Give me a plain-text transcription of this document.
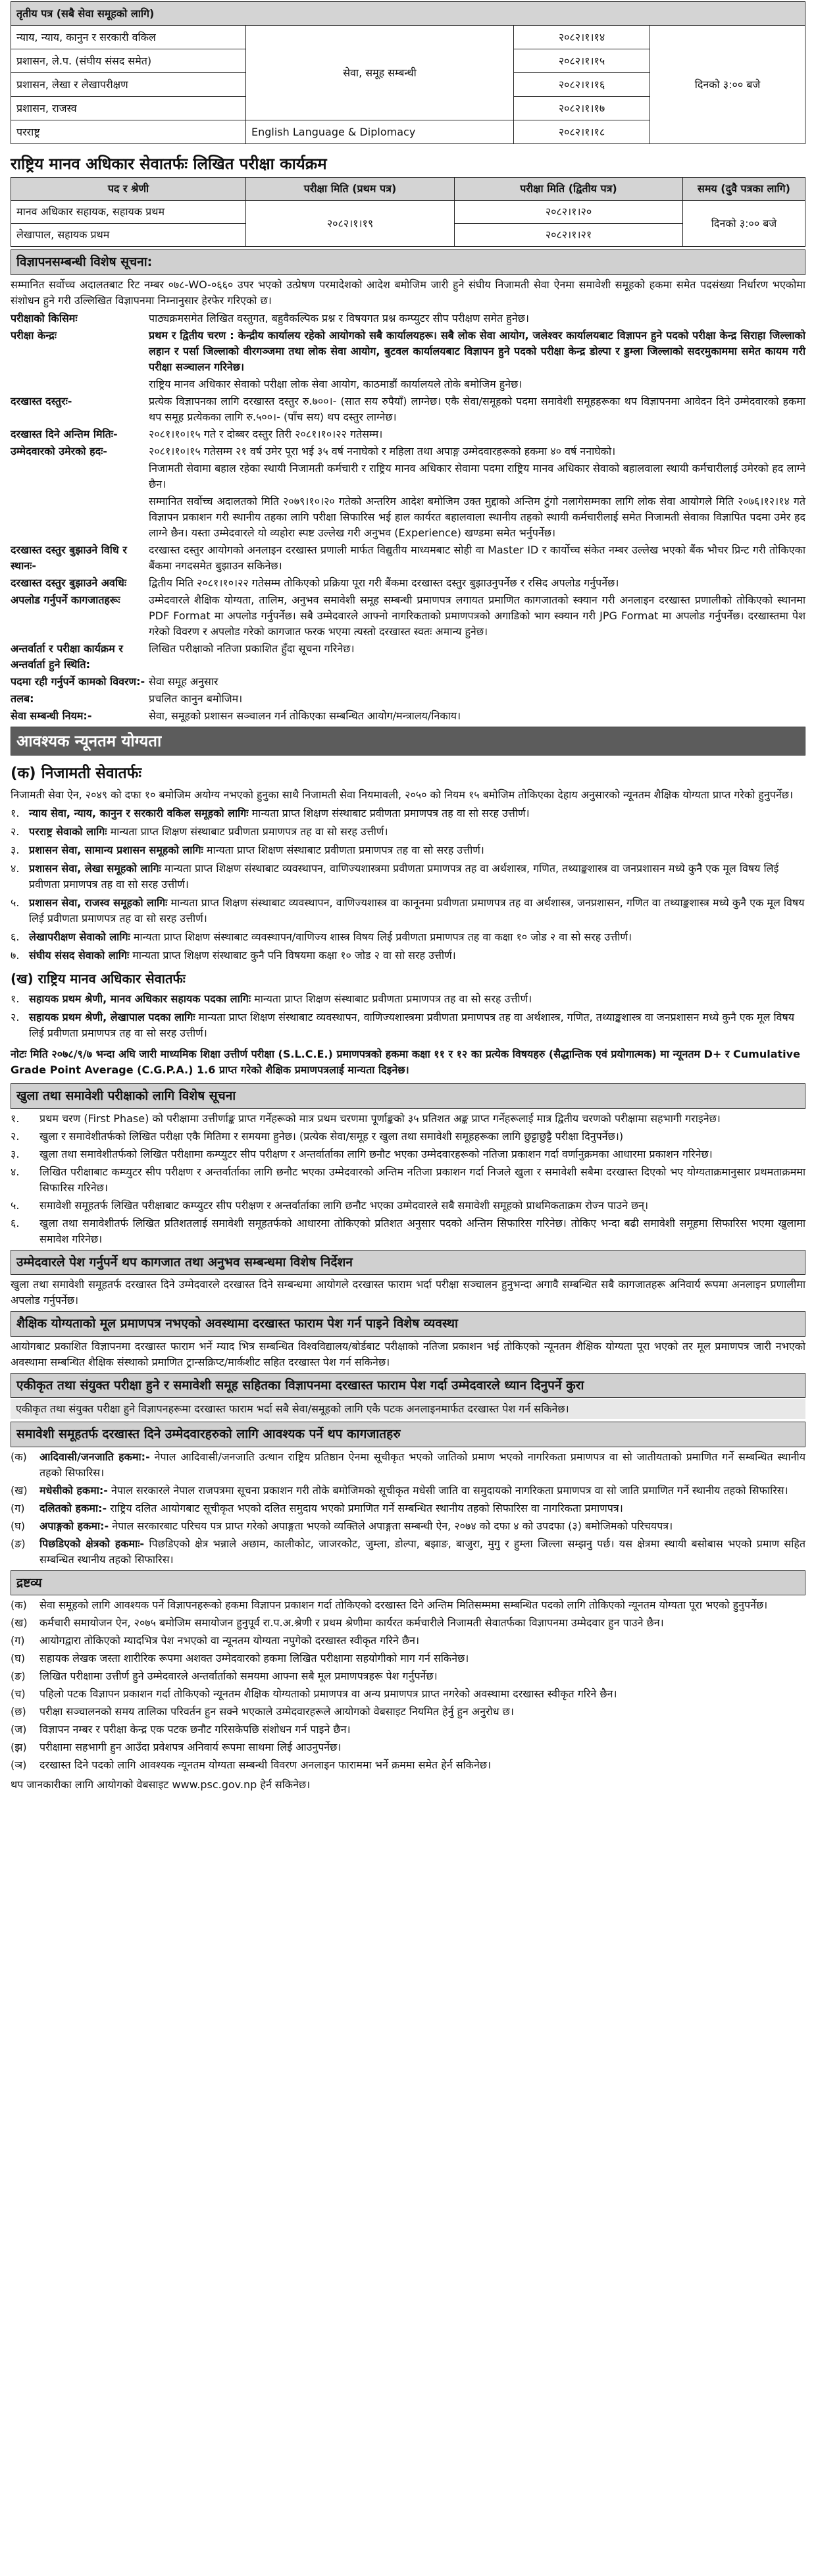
तृतीय पत्र (सबै सेवा समूहको लागि)			
न्याय, न्याय, कानुन र सरकारी वकिल	सेवा, समूह सम्बन्धी	२०८२।१।१४	दिनको ३:०० बजे
प्रशासन, ले.प. (संघीय संसद समेत)		२०८२।१।१५	
प्रशासन, लेखा र लेखापरीक्षण		२०८२।१।१६	
प्रशासन, राजस्व		२०८२।१।१७	
परराष्ट्र	English Language & Diplomacy	२०८२।१।१८	
राष्ट्रिय मानव अधिकार सेवातर्फः लिखित परीक्षा कार्यक्रम
पद र श्रेणी	परीक्षा मिति (प्रथम पत्र)	परीक्षा मिति (द्वितीय पत्र)	समय (दुवै पत्रका लागि)
मानव अधिकार सहायक, सहायक प्रथम	२०८२।१।१९	२०८२।१।२०	दिनको ३:०० बजे
लेखापाल, सहायक प्रथम		२०८२।१।२१	
विज्ञापनसम्बन्धी विशेष सूचना:
सम्मानित सर्वोच्च अदालतबाट रिट नम्बर ०७८-WO-०६६० उपर भएको उत्प्रेषण परमादेशको आदेश बमोजिम जारी हुने संघीय निजामती सेवा ऐनमा समावेशी समूहको हकमा समेत पदसंख्या निर्धारण भएकोमा संशोधन हुने गरी उल्लिखित विज्ञापनमा निम्नानुसार हेरफेर गरिएको छ।
परीक्षाको किसिमः	पाठ्यक्रमसमेत लिखित वस्तुगत, बहुवैकल्पिक प्रश्न र विषयगत प्रश्न कम्प्युटर सीप परीक्षण समेत हुनेछ।
परीक्षा केन्द्रः	प्रथम र द्वितीय चरण : केन्द्रीय कार्यालय रहेको आयोगको सबै कार्यालयहरू। सबै लोक सेवा आयोग, जलेश्वर कार्यालयबाट विज्ञापन हुने पदको परीक्षा केन्द्र सिराहा जिल्लाको लहान र पर्सा जिल्लाको वीरगञ्जमा तथा लोक सेवा आयोग, बुटवल कार्यालयबाट विज्ञापन हुने पदको परीक्षा केन्द्र डोल्पा र डुम्ला जिल्लाको सदरमुकाममा समेत कायम गरी परीक्षा सञ्चालन गरिनेछ।
राष्ट्रिय मानव अधिकार सेवाको परीक्षा लोक सेवा आयोग, काठमाडौं कार्यालयले तोके बमोजिम हुनेछ।
दरखास्त दस्तुरः-	प्रत्येक विज्ञापनका लागि दरखास्त दस्तुर रु.७००।- (सात सय रुपैयाँ) लाग्नेछ। एकै सेवा/समूहको पदमा समावेशी समूहहरूका थप विज्ञापनमा आवेदन दिने उम्मेदवारको हकमा थप समूह प्रत्येकका लागि रु.५००।- (पाँच सय) थप दस्तुर लाग्नेछ।
दरखास्त दिने अन्तिम मितिः-	२०८१।१०।१५ गते र दोब्बर दस्तुर तिरी २०८१।१०।२२ गतेसम्म।
उम्मेदवारको उमेरको हदः-	२०८१।१०।१५ गतेसम्म २१ वर्ष उमेर पूरा भई ३५ वर्ष ननाघेको र महिला तथा अपाङ्ग उम्मेदवारहरूको हकमा ४० वर्ष ननाघेको।
निजामती सेवामा बहाल रहेका स्थायी निजामती कर्मचारी र राष्ट्रिय मानव अधिकार सेवामा पदमा राष्ट्रिय मानव अधिकार सेवाको बहालवाला स्थायी कर्मचारीलाई उमेरको हद लाग्ने छैन।
सम्मानित सर्वोच्च अदालतको मिति २०७९।१०।२० गतेको अन्तरिम आदेश बमोजिम उक्त मुद्दाको अन्तिम टुंगो नलागेसम्मका लागि लोक सेवा आयोगले मिति २०७६।१२।१४ गते विज्ञापन प्रकाशन गरी स्थानीय तहका लागि परीक्षा सिफारिस भई हाल कार्यरत बहालवाला स्थानीय तहको स्थायी कर्मचारीलाई समेत निजामती सेवाका विज्ञापित पदमा उमेर हद लाग्ने छैन। यस्ता उम्मेदवारले यो व्यहोरा स्पष्ट उल्लेख गरी अनुभव (Experience) खण्डमा समेत भर्नुपर्नेछ।
दरखास्त दस्तुर बुझाउने विधि र स्थानः-
दरखास्त दस्तुर आयोगको अनलाइन दरखास्त प्रणाली मार्फत विद्युतीय माध्यमबाट सोही वा Master ID र कार्योच्च संकेत नम्बर उल्लेख भएको बैंक भौचर प्रिन्ट गरी तोकिएका बैंकमा नगदसमेत बुझाउन सकिनेछ।
दरखास्त दस्तुर बुझाउने अवधिः	द्वितीय मिति २०८१।१०।२२ गतेसम्म तोकिएको प्रक्रिया पूरा गरी बैंकमा दरखास्त दस्तुर बुझाउनुपर्नेछ र रसिद अपलोड गर्नुपर्नेछ।
अपलोड गर्नुपर्ने कागजातहरूः	उम्मेदवारले शैक्षिक योग्यता, तालिम, अनुभव समावेशी समूह सम्बन्धी प्रमाणपत्र लगायत प्रमाणित कागजातको स्क्यान गरी अनलाइन दरखास्त प्रणालीको तोकिएको स्थानमा PDF Format मा अपलोड गर्नुपर्नेछ। सबै उम्मेदवारले आफ्नो नागरिकताको प्रमाणपत्रको अगाडिको भाग स्क्यान गरी JPG Format मा अपलोड गर्नुपर्नेछ। दरखास्तमा पेश गरेको विवरण र अपलोड गरेको कागजात फरक भएमा त्यस्तो दरखास्त स्वतः अमान्य हुनेछ।
अन्तर्वार्ता र परीक्षा कार्यक्रम र अन्तर्वार्ता हुने स्थिति:
लिखित परीक्षाको नतिजा प्रकाशित हुँदा सूचना गरिनेछ।
पदमा रही गर्नुपर्ने कामको विवरण:- सेवा समूह अनुसार
तलब:	प्रचलित कानुन बमोजिम।
सेवा सम्बन्धी नियम:-	सेवा, समूहको प्रशासन सञ्चालन गर्न तोकिएका सम्बन्धित आयोग/मन्त्रालय/निकाय।
आवश्यक न्यूनतम योग्यता
(क) निजामती सेवातर्फः
निजामती सेवा ऐन, २०४९ को दफा १० बमोजिम अयोग्य नभएको हुनुका साथै निजामती सेवा नियमावली, २०५० को नियम १५ बमोजिम तोकिएका देहाय अनुसारको न्यूनतम शैक्षिक योग्यता प्राप्त गरेको हुनुपर्नेछ।
१. न्याय सेवा, न्याय, कानुन र सरकारी वकिल समूहको लागिः मान्यता प्राप्त शिक्षण संस्थाबाट प्रवीणता प्रमाणपत्र तह वा सो सरह उत्तीर्ण।
२. परराष्ट्र सेवाको लागिः मान्यता प्राप्त शिक्षण संस्थाबाट प्रवीणता प्रमाणपत्र तह वा सो सरह उत्तीर्ण।
३. प्रशासन सेवा, सामान्य प्रशासन समूहको लागिः मान्यता प्राप्त शिक्षण संस्थाबाट प्रवीणता प्रमाणपत्र तह वा सो सरह उत्तीर्ण।
४. प्रशासन सेवा, लेखा समूहको लागिः मान्यता प्राप्त शिक्षण संस्थाबाट व्यवस्थापन, वाणिज्यशास्त्रमा प्रवीणता प्रमाणपत्र तह वा अर्थशास्त्र, गणित, तथ्याङ्कशास्त्र वा जनप्रशासन मध्ये कुनै एक मूल विषय लिई प्रवीणता प्रमाणपत्र तह वा सो सरह उत्तीर्ण।
५. प्रशासन सेवा, राजस्व समूहको लागिः मान्यता प्राप्त शिक्षण संस्थाबाट व्यवस्थापन, वाणिज्यशास्त्र वा कानूनमा प्रवीणता प्रमाणपत्र तह वा अर्थशास्त्र, जनप्रशासन, गणित वा तथ्याङ्कशास्त्र मध्ये कुनै एक मूल विषय लिई प्रवीणता प्रमाणपत्र तह वा सो सरह उत्तीर्ण।
६. लेखापरीक्षण सेवाको लागिः मान्यता प्राप्त शिक्षण संस्थाबाट व्यवस्थापन/वाणिज्य शास्त्र विषय लिई प्रवीणता प्रमाणपत्र तह वा कक्षा १० जोड २ वा सो सरह उत्तीर्ण।
७. संघीय संसद सेवाको लागिः मान्यता प्राप्त शिक्षण संस्थाबाट कुनै पनि विषयमा कक्षा १० जोड २ वा सो सरह उत्तीर्ण।
(ख) राष्ट्रिय मानव अधिकार सेवातर्फः
१. सहायक प्रथम श्रेणी, मानव अधिकार सहायक पदका लागिः मान्यता प्राप्त शिक्षण संस्थाबाट प्रवीणता प्रमाणपत्र तह वा सो सरह उत्तीर्ण।
२. सहायक प्रथम श्रेणी, लेखापाल पदका लागिः मान्यता प्राप्त शिक्षण संस्थाबाट व्यवस्थापन, वाणिज्यशास्त्रमा प्रवीणता प्रमाणपत्र तह वा अर्थशास्त्र, गणित, तथ्याङ्कशास्त्र वा जनप्रशासन मध्ये कुनै एक मूल विषय लिई प्रवीणता प्रमाणपत्र तह वा सो सरह उत्तीर्ण।
नोटः मिति २०७८/९/७ भन्दा अघि जारी माध्यमिक शिक्षा उत्तीर्ण परीक्षा (S.L.C.E.) प्रमाणपत्रको हकमा कक्षा ११ र १२ का प्रत्येक विषयहरु (सैद्धान्तिक एवं प्रयोगात्मक) मा न्यूनतम D+ र Cumulative Grade Point Average (C.G.P.A.) 1.6 प्राप्त गरेको शैक्षिक प्रमाणपत्रलाई मान्यता दिइनेछ।
खुला तथा समावेशी परीक्षाको लागि विशेष सूचना
१.	प्रथम चरण (First Phase) को परीक्षामा उत्तीर्णाङ्क प्राप्त गर्नेहरूको मात्र प्रथम चरणमा पूर्णाङ्कको ३५ प्रतिशत अङ्क प्राप्त गर्नेहरूलाई मात्र द्वितीय चरणको परीक्षामा सहभागी गराइनेछ।
२.	खुला र समावेशीतर्फको लिखित परीक्षा एकै मितिमा र समयमा हुनेछ। (प्रत्येक सेवा/समूह र खुला तथा समावेशी समूहहरूका लागि छुट्टाछुट्टै परीक्षा दिनुपर्नेछ।)
३.	खुला तथा समावेशीतर्फको लिखित परीक्षामा कम्प्युटर सीप परीक्षण र अन्तर्वार्ताका लागि छनौट भएका उम्मेदवारहरूको नतिजा प्रकाशन गर्दा वर्णानुक्रमका आधारमा प्रकाशन गरिनेछ।
४.	लिखित परीक्षाबाट कम्प्युटर सीप परीक्षण र अन्तर्वार्ताका लागि छनौट भएका उम्मेदवारको अन्तिम नतिजा प्रकाशन गर्दा निजले खुला र समावेशी सबैमा दरखास्त दिएको भए योग्यताक्रमानुसार प्रथमताक्रममा सिफारिस गरिनेछ।
५.	समावेशी समूहतर्फ लिखित परीक्षाबाट कम्प्युटर सीप परीक्षण र अन्तर्वार्ताका लागि छनौट भएका उम्मेदवारले सबै समावेशी समूहको प्राथमिकताक्रम रोज्न पाउने छन्।
६.	खुला तथा समावेशीतर्फ लिखित प्रतिशतलाई समावेशी समूहतर्फको आधारमा तोकिएको प्रतिशत अनुसार पदको अन्तिम सिफारिस गरिनेछ। तोकिए भन्दा बढी समावेशी समूहमा सिफारिस भएमा खुलामा समावेश गरिनेछ।
उम्मेदवारले पेश गर्नुपर्ने थप कागजात तथा अनुभव सम्बन्धमा विशेष निर्देशन
खुला तथा समावेशी समूहतर्फ दरखास्त दिने उम्मेदवारले दरखास्त दिने सम्बन्धमा आयोगले दरखास्त फाराम भर्दा परीक्षा सञ्चालन हुनुभन्दा अगावै सम्बन्धित सबै कागजातहरू अनिवार्य रूपमा अनलाइन प्रणालीमा अपलोड गर्नुपर्नेछ।
शैक्षिक योग्यताको मूल प्रमाणपत्र नभएको अवस्थामा दरखास्त फाराम पेश गर्न पाइने विशेष व्यवस्था
आयोगबाट प्रकाशित विज्ञापनमा दरखास्त फाराम भर्ने म्याद भित्र सम्बन्धित विश्वविद्यालय/बोर्डबाट परीक्षाको नतिजा प्रकाशन भई तोकिएको न्यूनतम शैक्षिक योग्यता पूरा भएको तर मूल प्रमाणपत्र जारी नभएको अवस्थामा सम्बन्धित शैक्षिक संस्थाको प्रमाणित ट्रान्सक्रिप्ट/मार्कशीट सहित दरखास्त पेश गर्न सकिनेछ।
एकीकृत तथा संयुक्त परीक्षा हुने र समावेशी समूह सहितका विज्ञापनमा दरखास्त फाराम पेश गर्दा उम्मेदवारले ध्यान दिनुपर्ने कुरा
एकीकृत तथा संयुक्त परीक्षा हुने विज्ञापनहरूमा दरखास्त फाराम भर्दा सबै सेवा/समूहको लागि एकै पटक अनलाइनमार्फत दरखास्त पेश गर्न सकिनेछ।
समावेशी समूहतर्फ दरखास्त दिने उम्मेदवारहरुको लागि आवश्यक पर्ने थप कागजातहरु
(क)	आदिवासी/जनजाति हकमा:- नेपाल आदिवासी/जनजाति उत्थान राष्ट्रिय प्रतिष्ठान ऐनमा सूचीकृत भएको जातिको प्रमाण भएको नागरिकता प्रमाणपत्र वा सो जातीयताको प्रमाणित गर्ने सम्बन्धित स्थानीय तहको सिफारिस।
(ख)	मधेसीको हकमा:- नेपाल सरकारले नेपाल राजपत्रमा सूचना प्रकाशन गरी तोके बमोजिमको सूचीकृत मधेसी जाति वा समुदायको नागरिकता प्रमाणपत्र वा सो जाति प्रमाणित गर्ने स्थानीय तहको सिफारिस।
(ग)	दलितको हकमा:- राष्ट्रिय दलित आयोगबाट सूचीकृत भएको दलित समुदाय भएको प्रमाणित गर्ने सम्बन्धित स्थानीय तहको सिफारिस वा नागरिकता प्रमाणपत्र।
(घ)	अपाङ्गको हकमा:- नेपाल सरकारबाट परिचय पत्र प्राप्त गरेको अपाङ्गता भएको व्यक्तिले अपाङ्गता सम्बन्धी ऐन, २०७४ को दफा ४ को उपदफा (३) बमोजिमको परिचयपत्र।
(ङ)	पिछडिएको क्षेत्रको हकमाः- पिछडिएको क्षेत्र भन्नाले अछाम, कालीकोट, जाजरकोट, जुम्ला, डोल्पा, बझाङ, बाजुरा, मुगु र हुम्ला जिल्ला सम्झनु पर्छ। यस क्षेत्रमा स्थायी बसोबास भएको प्रमाण सहित सम्बन्धित स्थानीय तहको सिफारिस।
द्रष्टव्य
(क)	सेवा समूहको लागि आवश्यक पर्ने विज्ञापनहरूको हकमा विज्ञापन प्रकाशन गर्दा तोकिएको दरखास्त दिने अन्तिम मितिसम्ममा सम्बन्धित पदको लागि तोकिएको न्यूनतम योग्यता पूरा भएको हुनुपर्नेछ।
(ख)	कर्मचारी समायोजन ऐन, २०७५ बमोजिम समायोजन हुनुपूर्व रा.प.अ.श्रेणी र प्रथम श्रेणीमा कार्यरत कर्मचारीले निजामती सेवातर्फका विज्ञापनमा उम्मेदवार हुन पाउने छैन।
(ग)	आयोगद्वारा तोकिएको म्यादभित्र पेश नभएको वा न्यूनतम योग्यता नपुगेको दरखास्त स्वीकृत गरिने छैन।
(घ)	सहायक लेखक जस्ता शारीरिक रूपमा अशक्त उम्मेदवारको हकमा लिखित परीक्षामा सहयोगीको माग गर्न सकिनेछ।
(ङ)	लिखित परीक्षामा उत्तीर्ण हुने उम्मेदवारले अन्तर्वार्ताको समयमा आफ्ना सबै मूल प्रमाणपत्रहरू पेश गर्नुपर्नेछ।
(च)	पहिलो पटक विज्ञापन प्रकाशन गर्दा तोकिएको न्यूनतम शैक्षिक योग्यताको प्रमाणपत्र वा अन्य प्रमाणपत्र प्राप्त नगरेको अवस्थामा दरखास्त स्वीकृत गरिने छैन।
(छ)	परीक्षा सञ्चालनको समय तालिका परिवर्तन हुन सक्ने भएकाले उम्मेदवारहरूले आयोगको वेबसाइट नियमित हेर्नु हुन अनुरोध छ।
(ज)	विज्ञापन नम्बर र परीक्षा केन्द्र एक पटक छनौट गरिसकेपछि संशोधन गर्न पाइने छैन।
(झ)	परीक्षामा सहभागी हुन आउँदा प्रवेशपत्र अनिवार्य रूपमा साथमा लिई आउनुपर्नेछ।
(ञ)	दरखास्त दिने पदको लागि आवश्यक न्यूनतम योग्यता सम्बन्धी विवरण अनलाइन फाराममा भर्ने क्रममा समेत हेर्न सकिनेछ।
थप जानकारीका लागि आयोगको वेबसाइट www.psc.gov.np हेर्न सकिनेछ।
